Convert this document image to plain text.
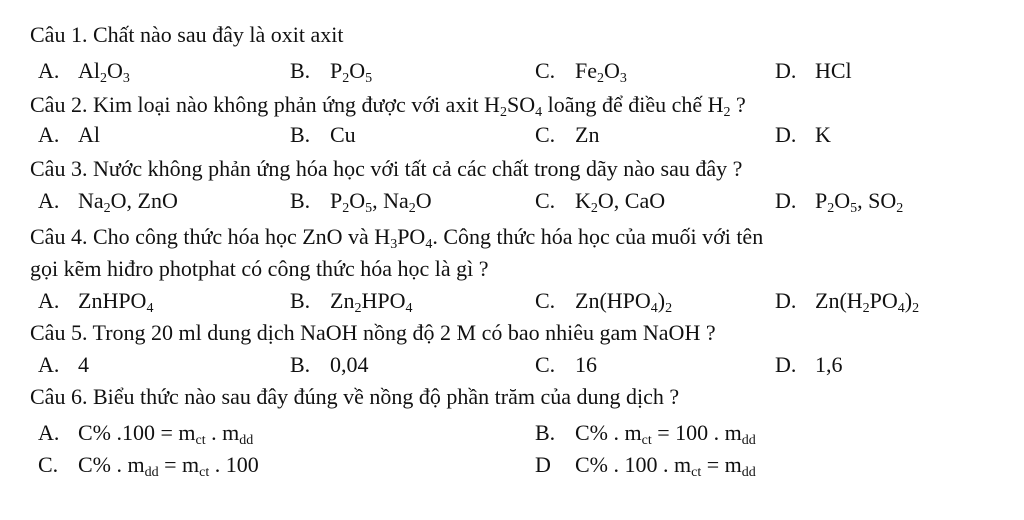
Câu 1. Chất nào sau đây là oxit axit
A. $Al_2O_3$	B. $P_2O_5$	C. $Fe_2O_3$	D. HCl
Câu 2. Kim loại nào không phản ứng được với axit $H_2SO_4$ loãng để điều chế $H_2$ ?
A. Al	B. Cu	C. Zn	D. K
Câu 3. Nước không phản ứng hóa học với tất cả các chất trong dãy nào sau đây ?
A. $Na_2O$, ZnO	B. $P_2O_5$, $Na_2O$	C. $K_2O$, CaO	D. $P_2O_5$, $SO_2$
Câu 4. Cho công thức hóa học ZnO và $H_3PO_4$. Công thức hóa học của muối với tên
gọi kẽm hiđro photphat có công thức hóa học là gì ?
A. ZnHPO$_4$	B. $Zn_2HPO_4$	C. $Zn(HPO_4)_2$	D. $Zn(H_2PO_4)_2$
Câu 5. Trong 20 ml dung dịch NaOH nồng độ 2 M có bao nhiêu gam NaOH ?
A. 4	B. 0,04	C. 16	D. 1,6
Câu 6. Biểu thức nào sau đây đúng về nồng độ phần trăm của dung dịch ?
A. C% $.100 = m_{ct}$ . $m_{dd}$	B. C% . $m_{ct} = 100$ . $m_{dd}$
C. C% . $m_{dd} = m_{ct}$ . 100	D C% . 100 . $m_{ct} = m_{dd}$
